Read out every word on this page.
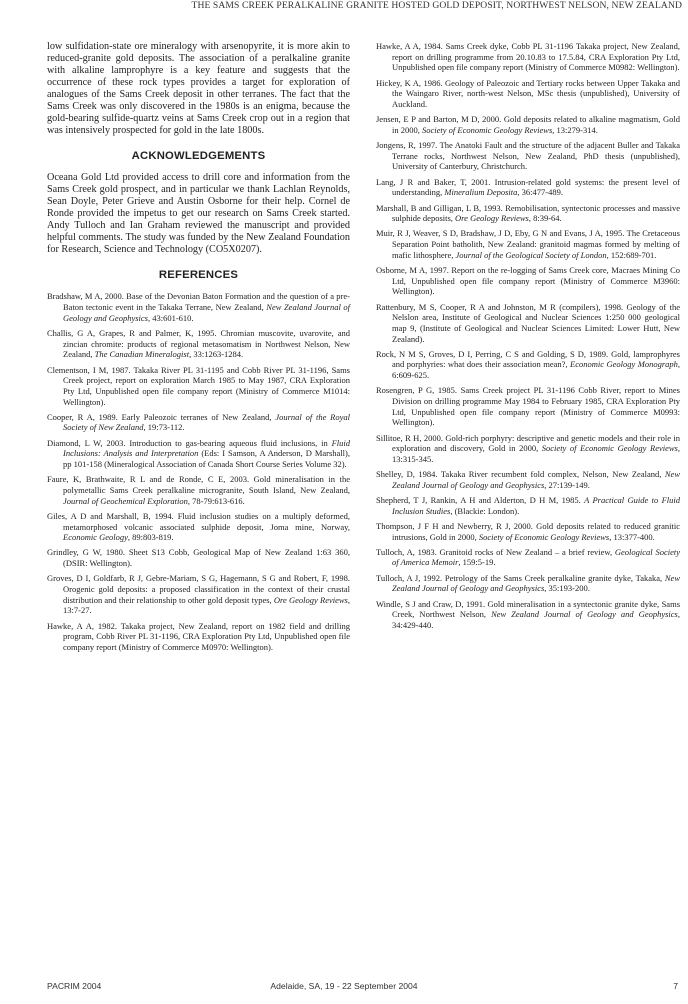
THE SAMS CREEK PERALKALINE GRANITE HOSTED GOLD DEPOSIT, NORTHWEST NELSON, NEW ZEALAND

low sulfidation-state ore mineralogy with arsenopyrite, it is more akin to reduced-granite gold deposits. The association of a peralkaline granite with alkaline lamprophyre is a key feature and suggests that the occurrence of these rock types provides a target for exploration of analogues of the Sams Creek deposit in other terranes. The fact that the Sams Creek was only discovered in the 1980s is an enigma, because the gold-bearing sulfide-quartz veins at Sams Creek crop out in a region that was intensively prospected for gold in the late 1800s.

ACKNOWLEDGEMENTS

Oceana Gold Ltd provided access to drill core and information from the Sams Creek gold prospect, and in particular we thank Lachlan Reynolds, Sean Doyle, Peter Grieve and Austin Osborne for their help. Cornel de Ronde provided the impetus to get our research on Sams Creek started. Andy Tulloch and Ian Graham reviewed the manuscript and provided helpful comments. The study was funded by the New Zealand Foundation for Research, Science and Technology (CO5X0207).

REFERENCES

Bradshaw, M A, 2000. Base of the Devonian Baton Formation and the question of a pre-Baton tectonic event in the Takaka Terrane, New Zealand, New Zealand Journal of Geology and Geophysics, 43:601-610.

Challis, G A, Grapes, R and Palmer, K, 1995. Chromian muscovite, uvarovite, and zincian chromite: products of regional metasomatism in Northwest Nelson, New Zealand, The Canadian Mineralogist, 33:1263-1284.

Clementson, I M, 1987. Takaka River PL 31-1195 and Cobb River PL 31-1196, Sams Creek project, report on exploration March 1985 to May 1987, CRA Exploration Pty Ltd, Unpublished open file company report (Ministry of Commerce M1014: Wellington).

Cooper, R A, 1989. Early Paleozoic terranes of New Zealand, Journal of the Royal Society of New Zealand, 19:73-112.

Diamond, L W, 2003. Introduction to gas-bearing aqueous fluid inclusions, in Fluid Inclusions: Analysis and Interpretation (Eds: I Samson, A Anderson, D Marshall), pp 101-158 (Mineralogical Association of Canada Short Course Series Volume 32).

Faure, K, Brathwaite, R L and de Ronde, C E, 2003. Gold mineralisation in the polymetallic Sams Creek peralkaline microgranite, South Island, New Zealand, Journal of Geochemical Exploration, 78-79:613-616.

Giles, A D and Marshall, B, 1994. Fluid inclusion studies on a multiply deformed, metamorphosed volcanic associated sulphide deposit, Joma mine, Norway, Economic Geology, 89:803-819.

Grindley, G W, 1980. Sheet S13 Cobb, Geological Map of New Zealand 1:63 360, (DSIR: Wellington).

Groves, D I, Goldfarb, R J, Gebre-Mariam, S G, Hagemann, S G and Robert, F, 1998. Orogenic gold deposits: a proposed classification in the context of their crustal distribution and their relationship to other gold deposit types, Ore Geology Reviews, 13:7-27.

Hawke, A A, 1982. Takaka project, New Zealand, report on 1982 field and drilling program, Cobb River PL 31-1196, CRA Exploration Pty Ltd, Unpublished open file company report (Ministry of Commerce M0970: Wellington).

Hawke, A A, 1984. Sams Creek dyke, Cobb PL 31-1196 Takaka project, New Zealand, report on drilling programme from 20.10.83 to 17.5.84, CRA Exploration Pty Ltd, Unpublished open file company report (Ministry of Commerce M0982: Wellington).

Hickey, K A, 1986. Geology of Paleozoic and Tertiary rocks between Upper Takaka and the Waingaro River, north-west Nelson, MSc thesis (unpublished), University of Auckland.

Jensen, E P and Barton, M D, 2000. Gold deposits related to alkaline magmatism, Gold in 2000, Society of Economic Geology Reviews, 13:279-314.

Jongens, R, 1997. The Anatoki Fault and the structure of the adjacent Buller and Takaka Terrane rocks, Northwest Nelson, New Zealand, PhD thesis (unpublished), University of Canterbury, Christchurch.

Lang, J R and Baker, T, 2001. Intrusion-related gold systems: the present level of understanding, Mineralium Deposita, 36:477-489.

Marshall, B and Gilligan, L B, 1993. Remobilisation, syntectonic processes and massive sulphide deposits, Ore Geology Reviews, 8:39-64.

Muir, R J, Weaver, S D, Bradshaw, J D, Eby, G N and Evans, J A, 1995. The Cretaceous Separation Point batholith, New Zealand: granitoid magmas formed by melting of mafic lithosphere, Journal of the Geological Society of London, 152:689-701.

Osborne, M A, 1997. Report on the re-logging of Sams Creek core, Macraes Mining Co Ltd, Unpublished open file company report (Ministry of Commerce M3960: Wellington).

Rattenbury, M S, Cooper, R A and Johnston, M R (compilers), 1998. Geology of the Nelslon area, Institute of Geological and Nuclear Sciences 1:250 000 geological map 9, (Institute of Geological and Nuclear Sciences Limited: Lower Hutt, New Zealand).

Rock, N M S, Groves, D I, Perring, C S and Golding, S D, 1989. Gold, lamprophyres and porphyries: what does their association mean?, Economic Geology Monograph, 6:609-625.

Rosengren, P G, 1985. Sams Creek project PL 31-1196 Cobb River, report to Mines Division on drilling programme May 1984 to February 1985, CRA Exploration Pty Ltd, Unpublished open file company report (Ministry of Commerce M0993: Wellington).

Sillitoe, R H, 2000. Gold-rich porphyry: descriptive and genetic models and their role in exploration and discovery, Gold in 2000, Society of Economic Geology Reviews, 13:315-345.

Shelley, D, 1984. Takaka River recumbent fold complex, Nelson, New Zealand, New Zealand Journal of Geology and Geophysics, 27:139-149.

Shepherd, T J, Rankin, A H and Alderton, D H M, 1985. A Practical Guide to Fluid Inclusion Studies, (Blackie: London).

Thompson, J F H and Newberry, R J, 2000. Gold deposits related to reduced granitic intrusions, Gold in 2000, Society of Economic Geology Reviews, 13:377-400.

Tulloch, A, 1983. Granitoid rocks of New Zealand – a brief review, Geological Society of America Memoir, 159:5-19.

Tulloch, A J, 1992. Petrology of the Sams Creek peralkaline granite dyke, Takaka, New Zealand Journal of Geology and Geophysics, 35:193-200.

Windle, S J and Craw, D, 1991. Gold mineralisation in a syntectonic granite dyke, Sams Creek, Northwest Nelson, New Zealand Journal of Geology and Geophysics, 34:429-440.

PACRIM 2004	Adelaide, SA, 19 - 22 September 2004	7
